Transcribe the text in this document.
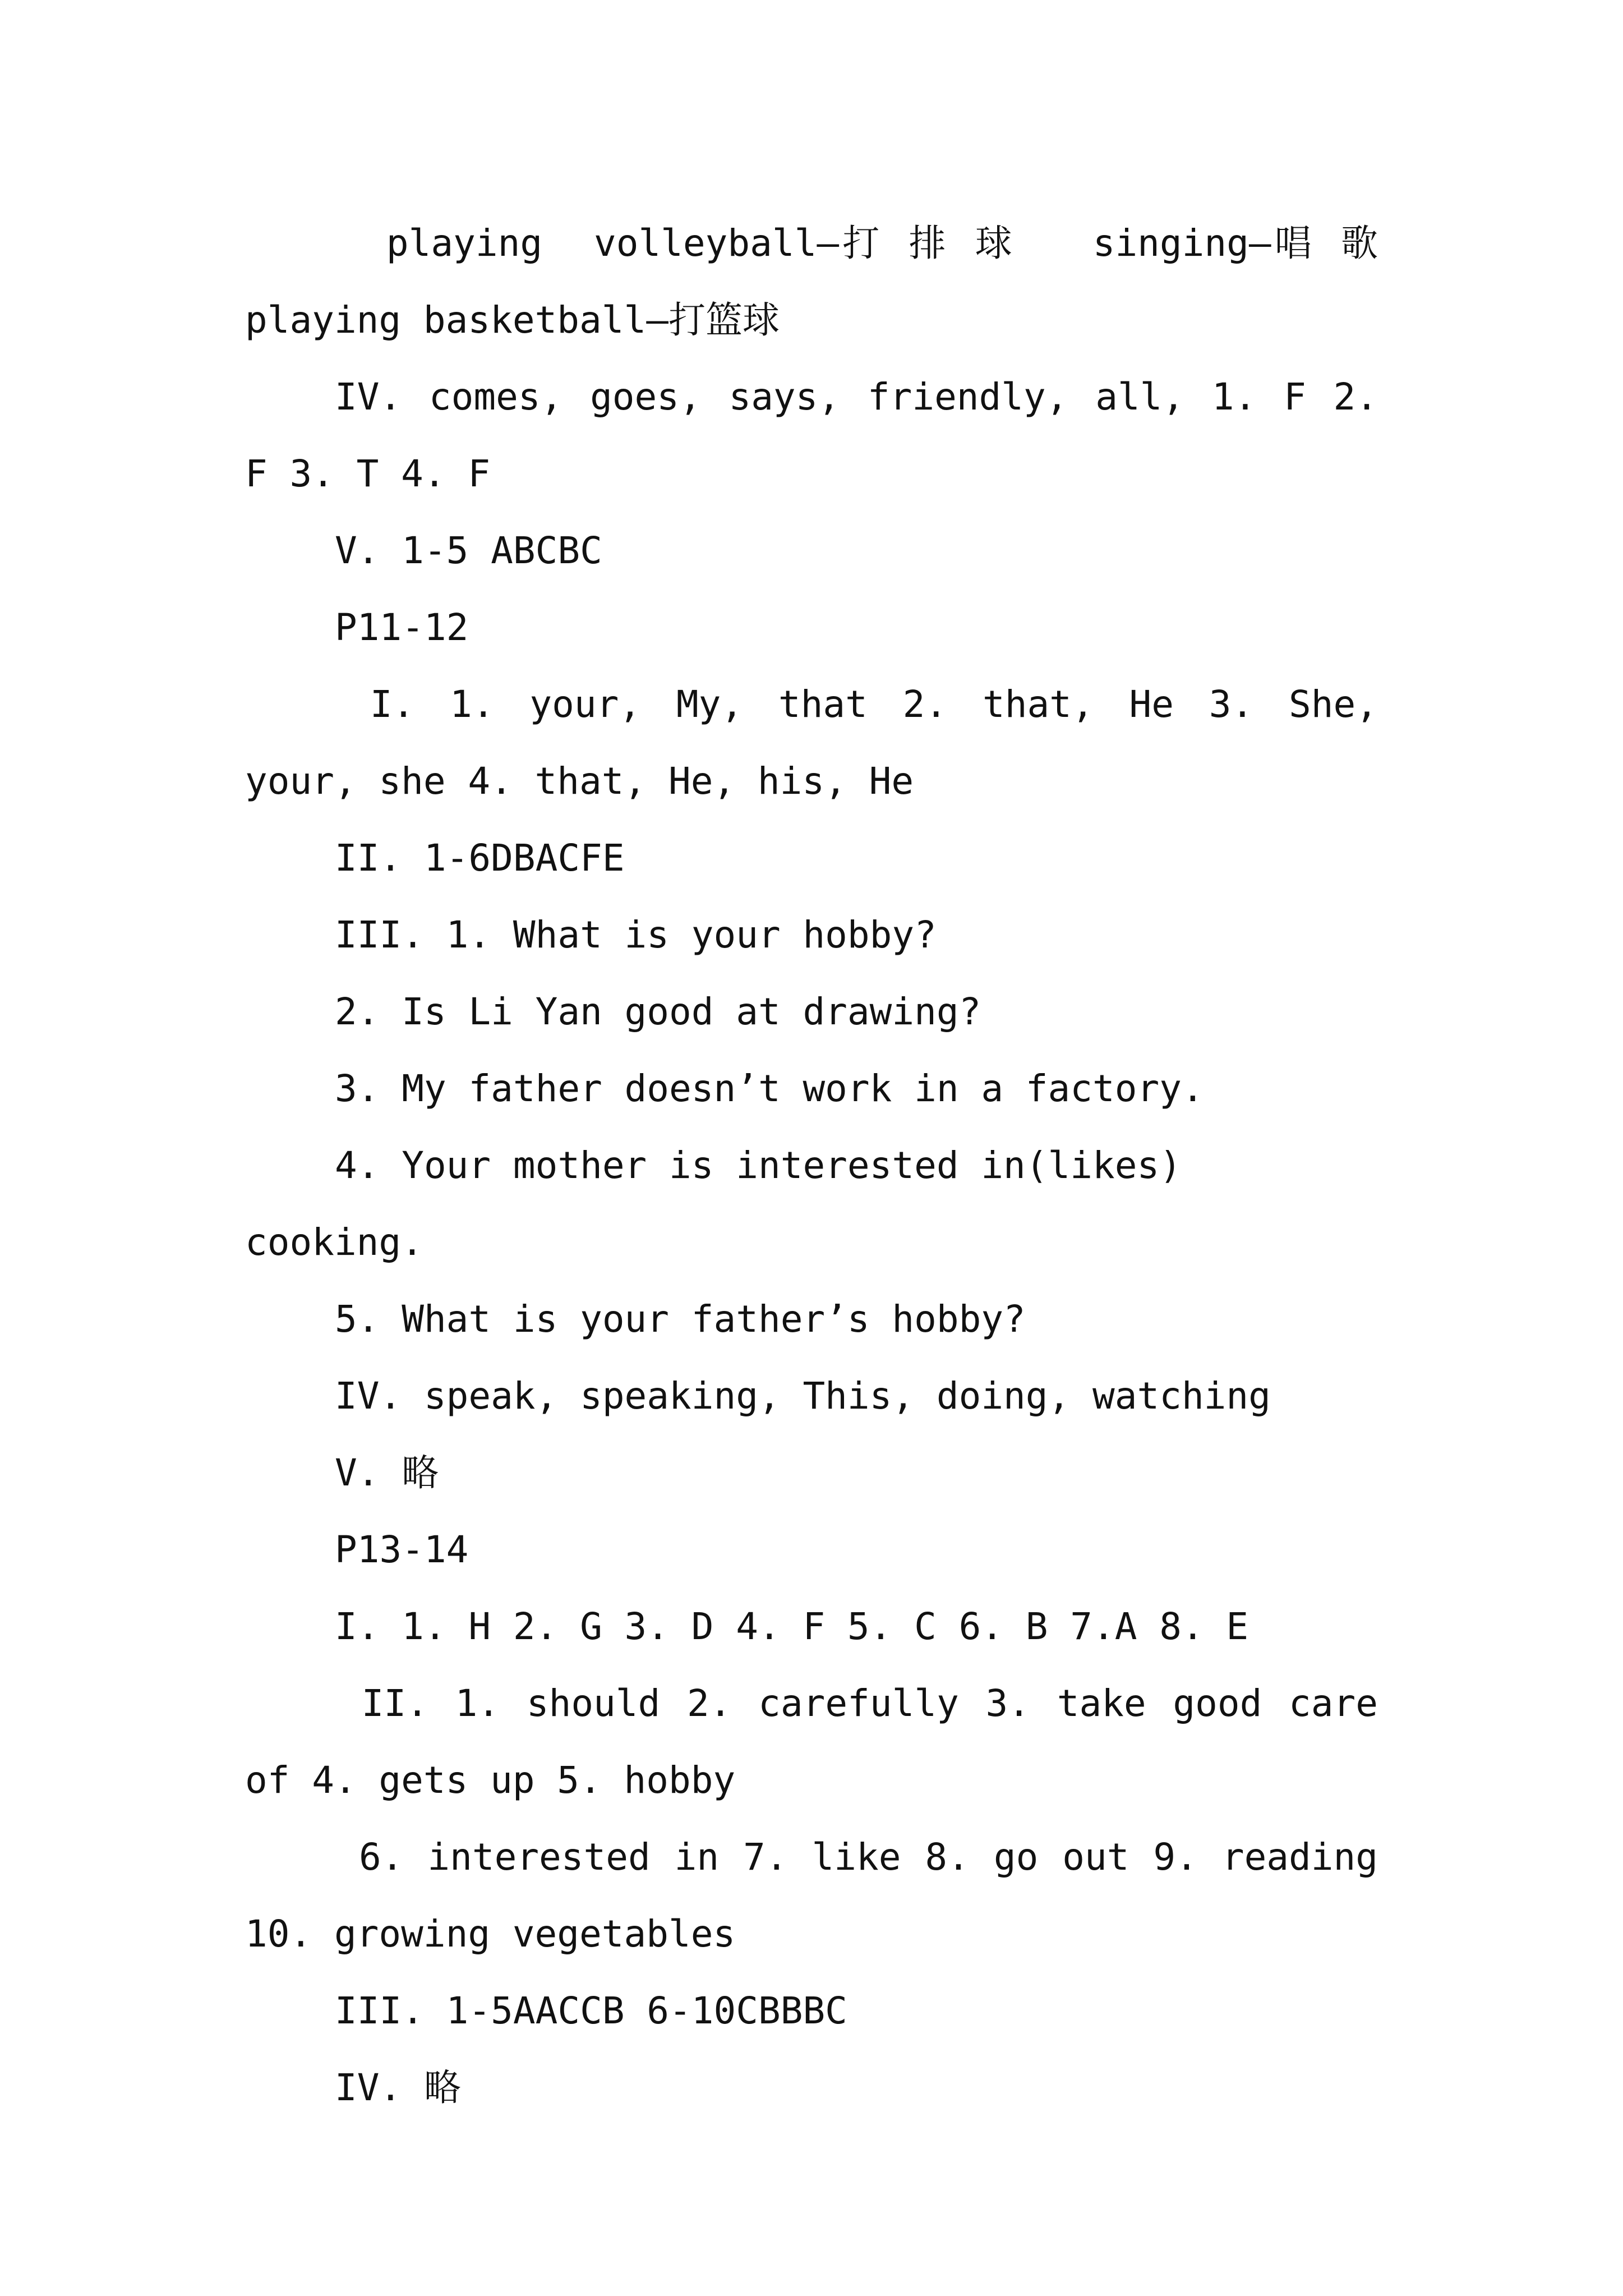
playing  volleyball—打 排 球   singing—唱 歌 playing basketball—打篮球

IV. comes, goes, says, friendly, all, 1. F 2. F 3. T 4. F

V. 1-5 ABCBC

P11-12

I. 1. your, My, that 2. that, He 3. She, your, she 4. that, He, his, He

II. 1-6DBACFE

III. 1. What is your hobby?

2. Is Li Yan good at drawing?

3. My father doesn’t work in a factory.

4. Your mother is interested in(likes) cooking.

5. What is your father’s hobby?

IV. speak, speaking, This, doing, watching

V. 略

P13-14

I. 1. H 2. G 3. D 4. F 5. C 6. B 7.A 8. E

II. 1. should 2. carefully 3. take good care of 4. gets up 5. hobby

6. interested in 7. like 8. go out 9. reading 10. growing vegetables

III. 1-5AACCB 6-10CBBBC

IV. 略
